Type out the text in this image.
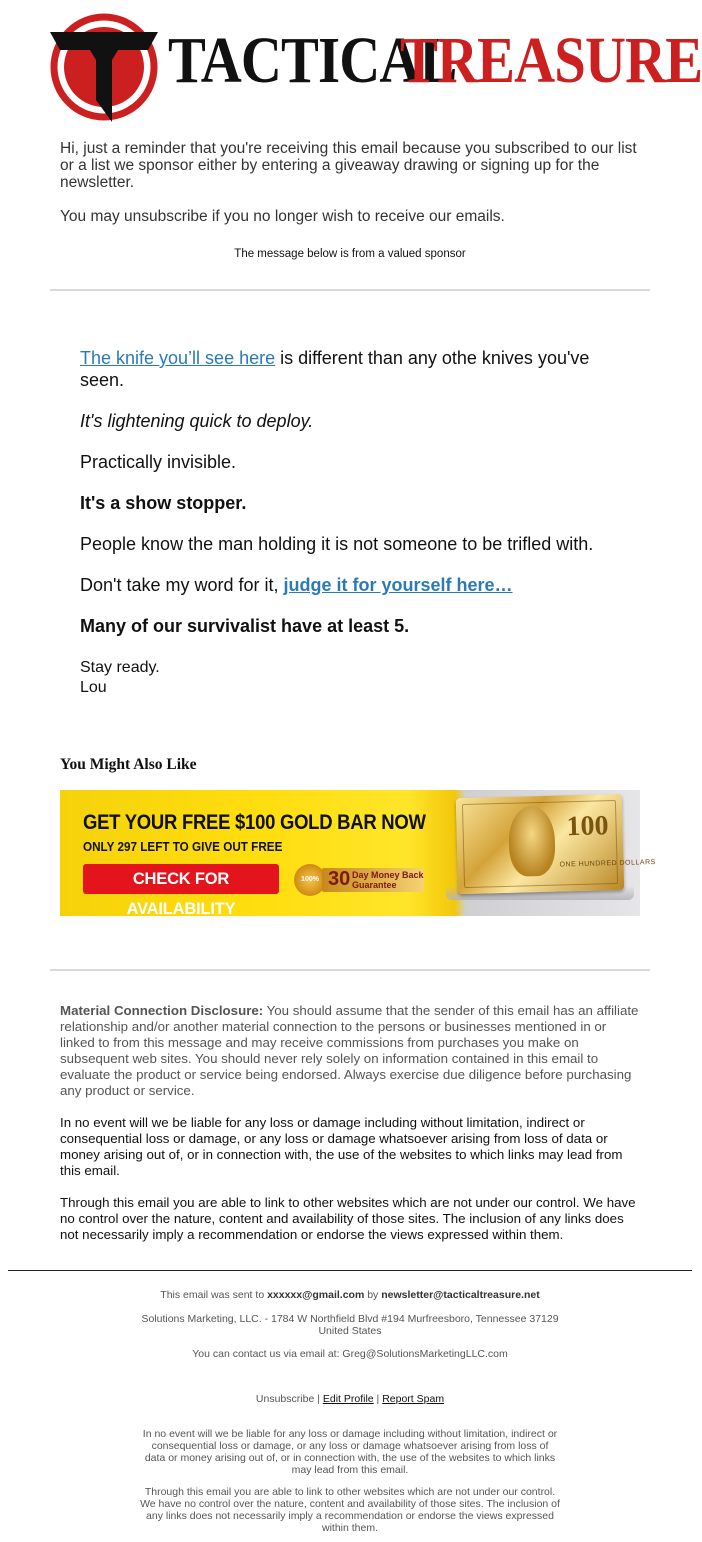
TACTICAL
TREASURE

Hi, just a reminder that you're receiving this email because you subscribed to our list or a list we sponsor either by entering a giveaway drawing or signing up for the newsletter.

You may unsubscribe if you no longer wish to receive our emails.

The message below is from a valued sponsor

The knife you’ll see here is different than any othe knives you've seen.

It's lightening quick to deploy.

Practically invisible.

It's a show stopper.

People know the man holding it is not someone to be trifled with.

Don't take my word for it, judge it for yourself here…

Many of our survivalist have at least 5.

Stay ready.
Lou

You Might Also Like
GET YOUR FREE $100 GOLD BAR NOW
ONLY 297 LEFT TO GIVE OUT FREE
CHECK FOR AVAILABILITY
100% 30 Day Money Back Guarantee
100
ONE HUNDRED DOLLARS

Material Connection Disclosure: You should assume that the sender of this email has an affiliate relationship and/or another material connection to the persons or businesses mentioned in or linked to from this message and may receive commissions from purchases you make on subsequent web sites. You should never rely solely on information contained in this email to evaluate the product or service being endorsed. Always exercise due diligence before purchasing any product or service.

In no event will we be liable for any loss or damage including without limitation, indirect or consequential loss or damage, or any loss or damage whatsoever arising from loss of data or money arising out of, or in connection with, the use of the websites to which links may lead from this email.

Through this email you are able to link to other websites which are not under our control. We have no control over the nature, content and availability of those sites. The inclusion of any links does not necessarily imply a recommendation or endorse the views expressed within them.

This email was sent to xxxxxx@gmail.com by newsletter@tacticaltreasure.net
Solutions Marketing, LLC. - 1784 W Northfield Blvd #194 Murfreesboro, Tennessee 37129 United States
You can contact us via email at: Greg@SolutionsMarketingLLC.com
Unsubscribe | Edit Profile | Report Spam
In no event will we be liable for any loss or damage including without limitation, indirect or consequential loss or damage, or any loss or damage whatsoever arising from loss of data or money arising out of, or in connection with, the use of the websites to which links may lead from this email.
Through this email you are able to link to other websites which are not under our control. We have no control over the nature, content and availability of those sites. The inclusion of any links does not necessarily imply a recommendation or endorse the views expressed within them.
